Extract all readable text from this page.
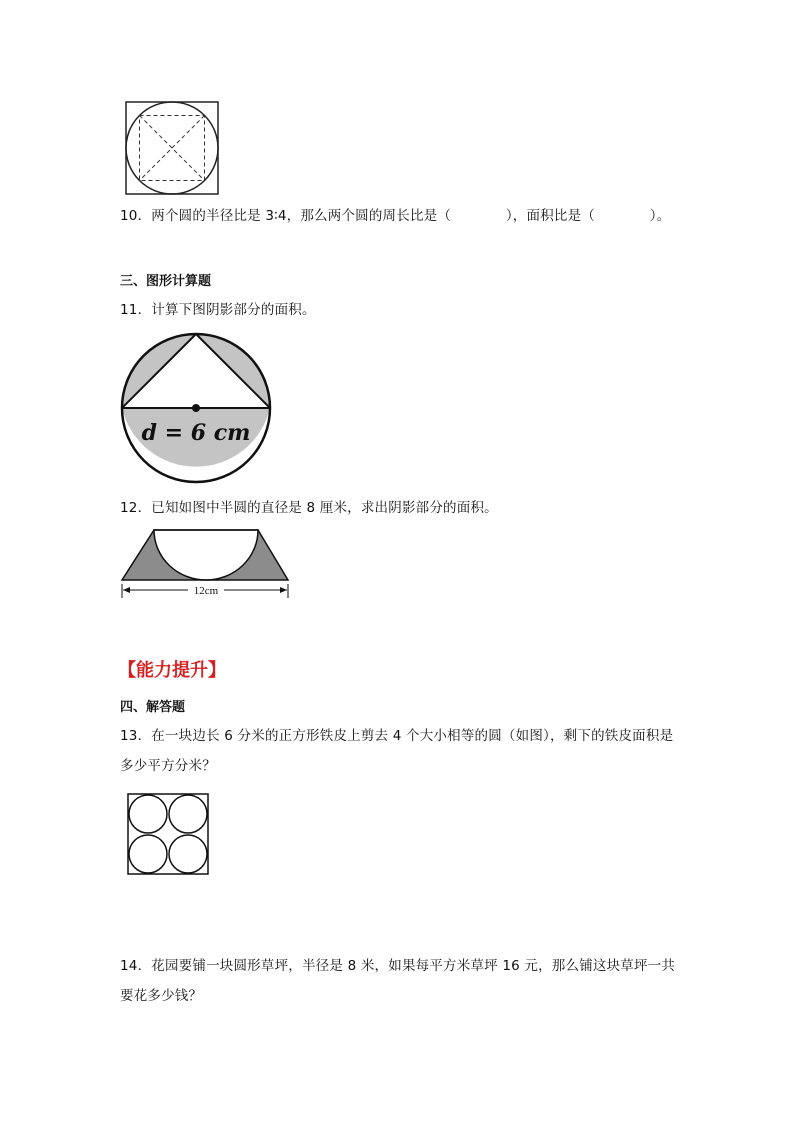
10．两个圆的半径比是 3∶4，那么两个圆的周长比是（　　　　），面积比是（　　　　）。
三、图形计算题
11．计算下图阴影部分的面积。
d = 6 cm
12．已知如图中半圆的直径是 8 厘米，求出阴影部分的面积。
12cm
【能力提升】
四、解答题
13．在一块边长 6 分米的正方形铁皮上剪去 4 个大小相等的圆（如图），剩下的铁皮面积是
多少平方分米？
14．花园要铺一块圆形草坪，半径是 8 米，如果每平方米草坪 16 元，那么铺这块草坪一共
要花多少钱？
